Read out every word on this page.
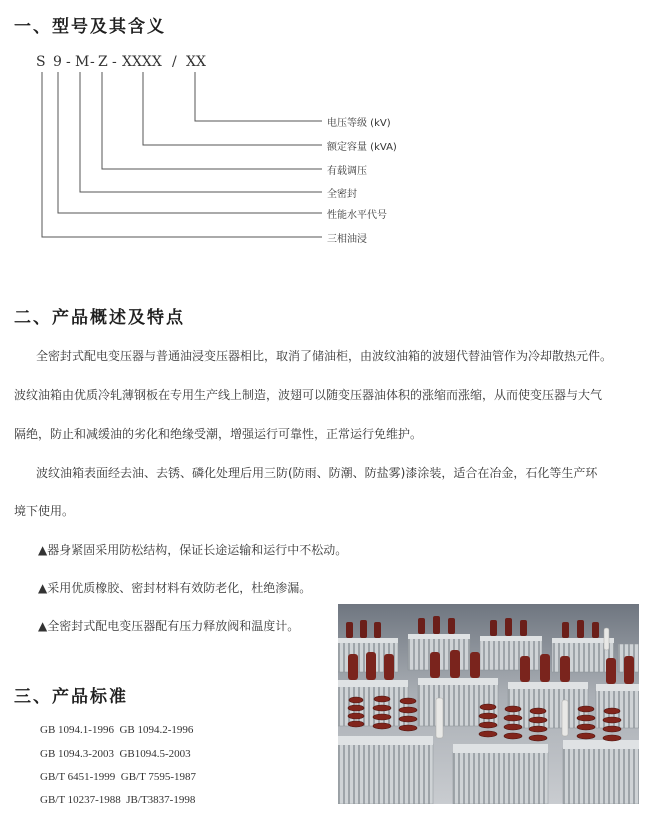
一、型号及其含义
S 9 - M - Z - XXXX / XX
电压等级 (kV)
额定容量 (kVA)
有载调压
全密封
性能水平代号
三相油浸
二、产品概述及特点
全密封式配电变压器与普通油浸变压器相比，取消了储油柜，由波纹油箱的波翅代替油管作为冷却散热元件。
波纹油箱由优质冷轧薄钢板在专用生产线上制造，波翅可以随变压器油体积的涨缩而涨缩，从而使变压器与大气
隔绝，防止和减缓油的劣化和绝缘受潮，增强运行可靠性，正常运行免维护。
波纹油箱表面经去油、去锈、磷化处理后用三防(防雨、防潮、防盐雾)漆涂装，适合在冶金，石化等生产环
境下使用。
▲器身紧固采用防松结构，保证长途运输和运行中不松动。
▲采用优质橡胶、密封材料有效防老化，杜绝渗漏。
▲全密封式配电变压器配有压力释放阀和温度计。
三、产品标准
GB 1094.1-1996 GB 1094.2-1996
GB 1094.3-2003 GB1094.5-2003
GB/T 6451-1999 GB/T 7595-1987
GB/T 10237-1988 JB/T3837-1998
